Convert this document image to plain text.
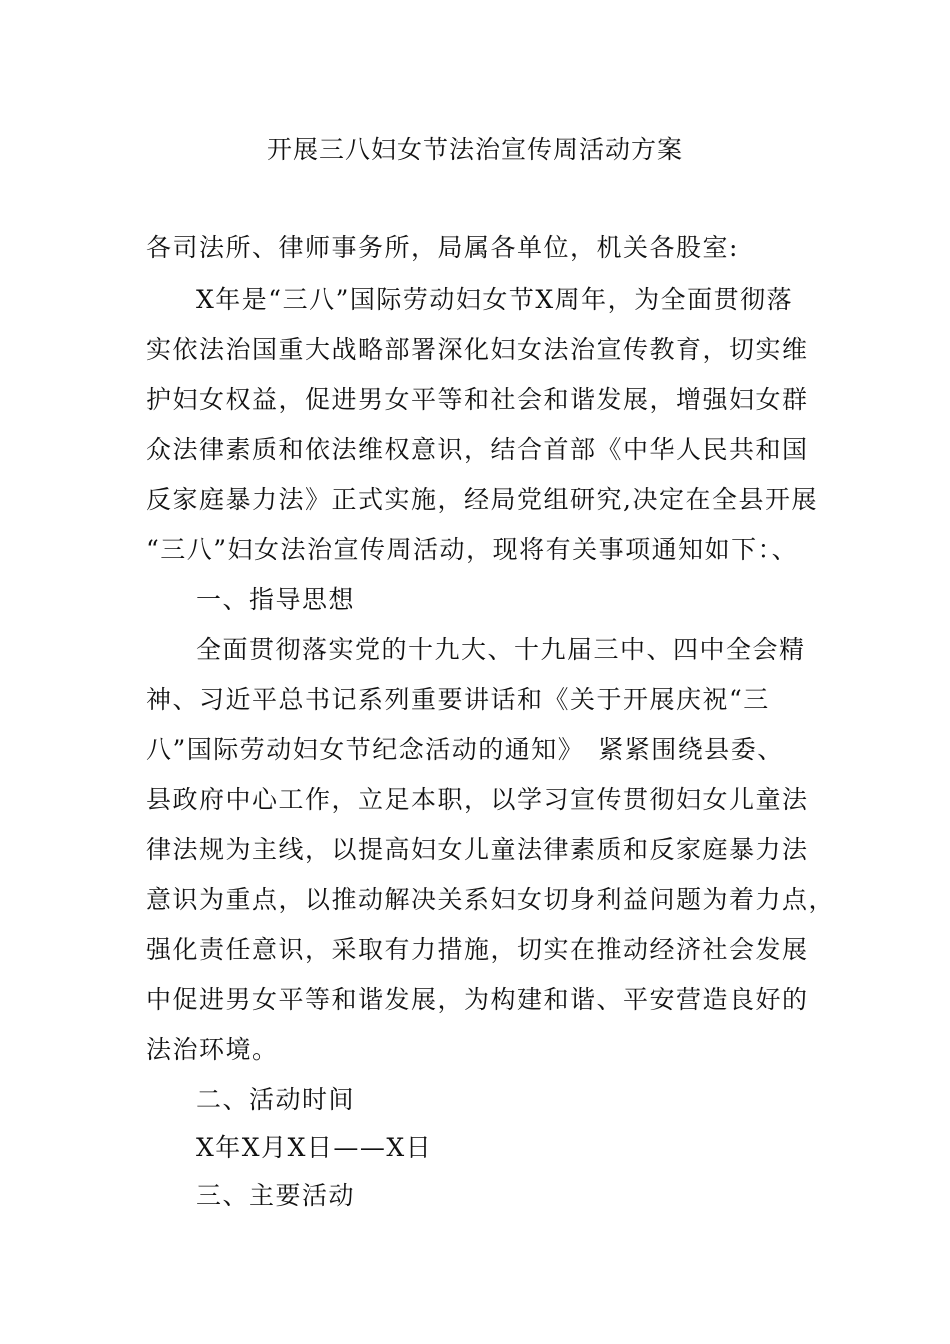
开展三八妇女节法治宣传周活动方案
各司法所、律师事务所，局属各单位，机关各股室:
X年是“三八”国际劳动妇女节X周年，为全面贯彻落
实依法治国重大战略部署深化妇女法治宣传教育，切实维
护妇女权益，促进男女平等和社会和谐发展，增强妇女群
众法律素质和依法维权意识，结合首部《中华人民共和国
反家庭暴力法》正式实施，经局党组研究,决定在全县开展
“三八”妇女法治宣传周活动，现将有关事项通知如下：、
一、指导思想
全面贯彻落实党的十九大、十九届三中、四中全会精
神、习近平总书记系列重要讲话和《关于开展庆祝“三
八”国际劳动妇女节纪念活动的通知》　紧紧围绕县委、
县政府中心工作，立足本职，以学习宣传贯彻妇女儿童法
律法规为主线，以提高妇女儿童法律素质和反家庭暴力法
意识为重点，以推动解决关系妇女切身利益问题为着力点，
强化责任意识，采取有力措施，切实在推动经济社会发展
中促进男女平等和谐发展，为构建和谐、平安营造良好的
法治环境。
二、活动时间
X年X月X日——X日
三、主要活动
